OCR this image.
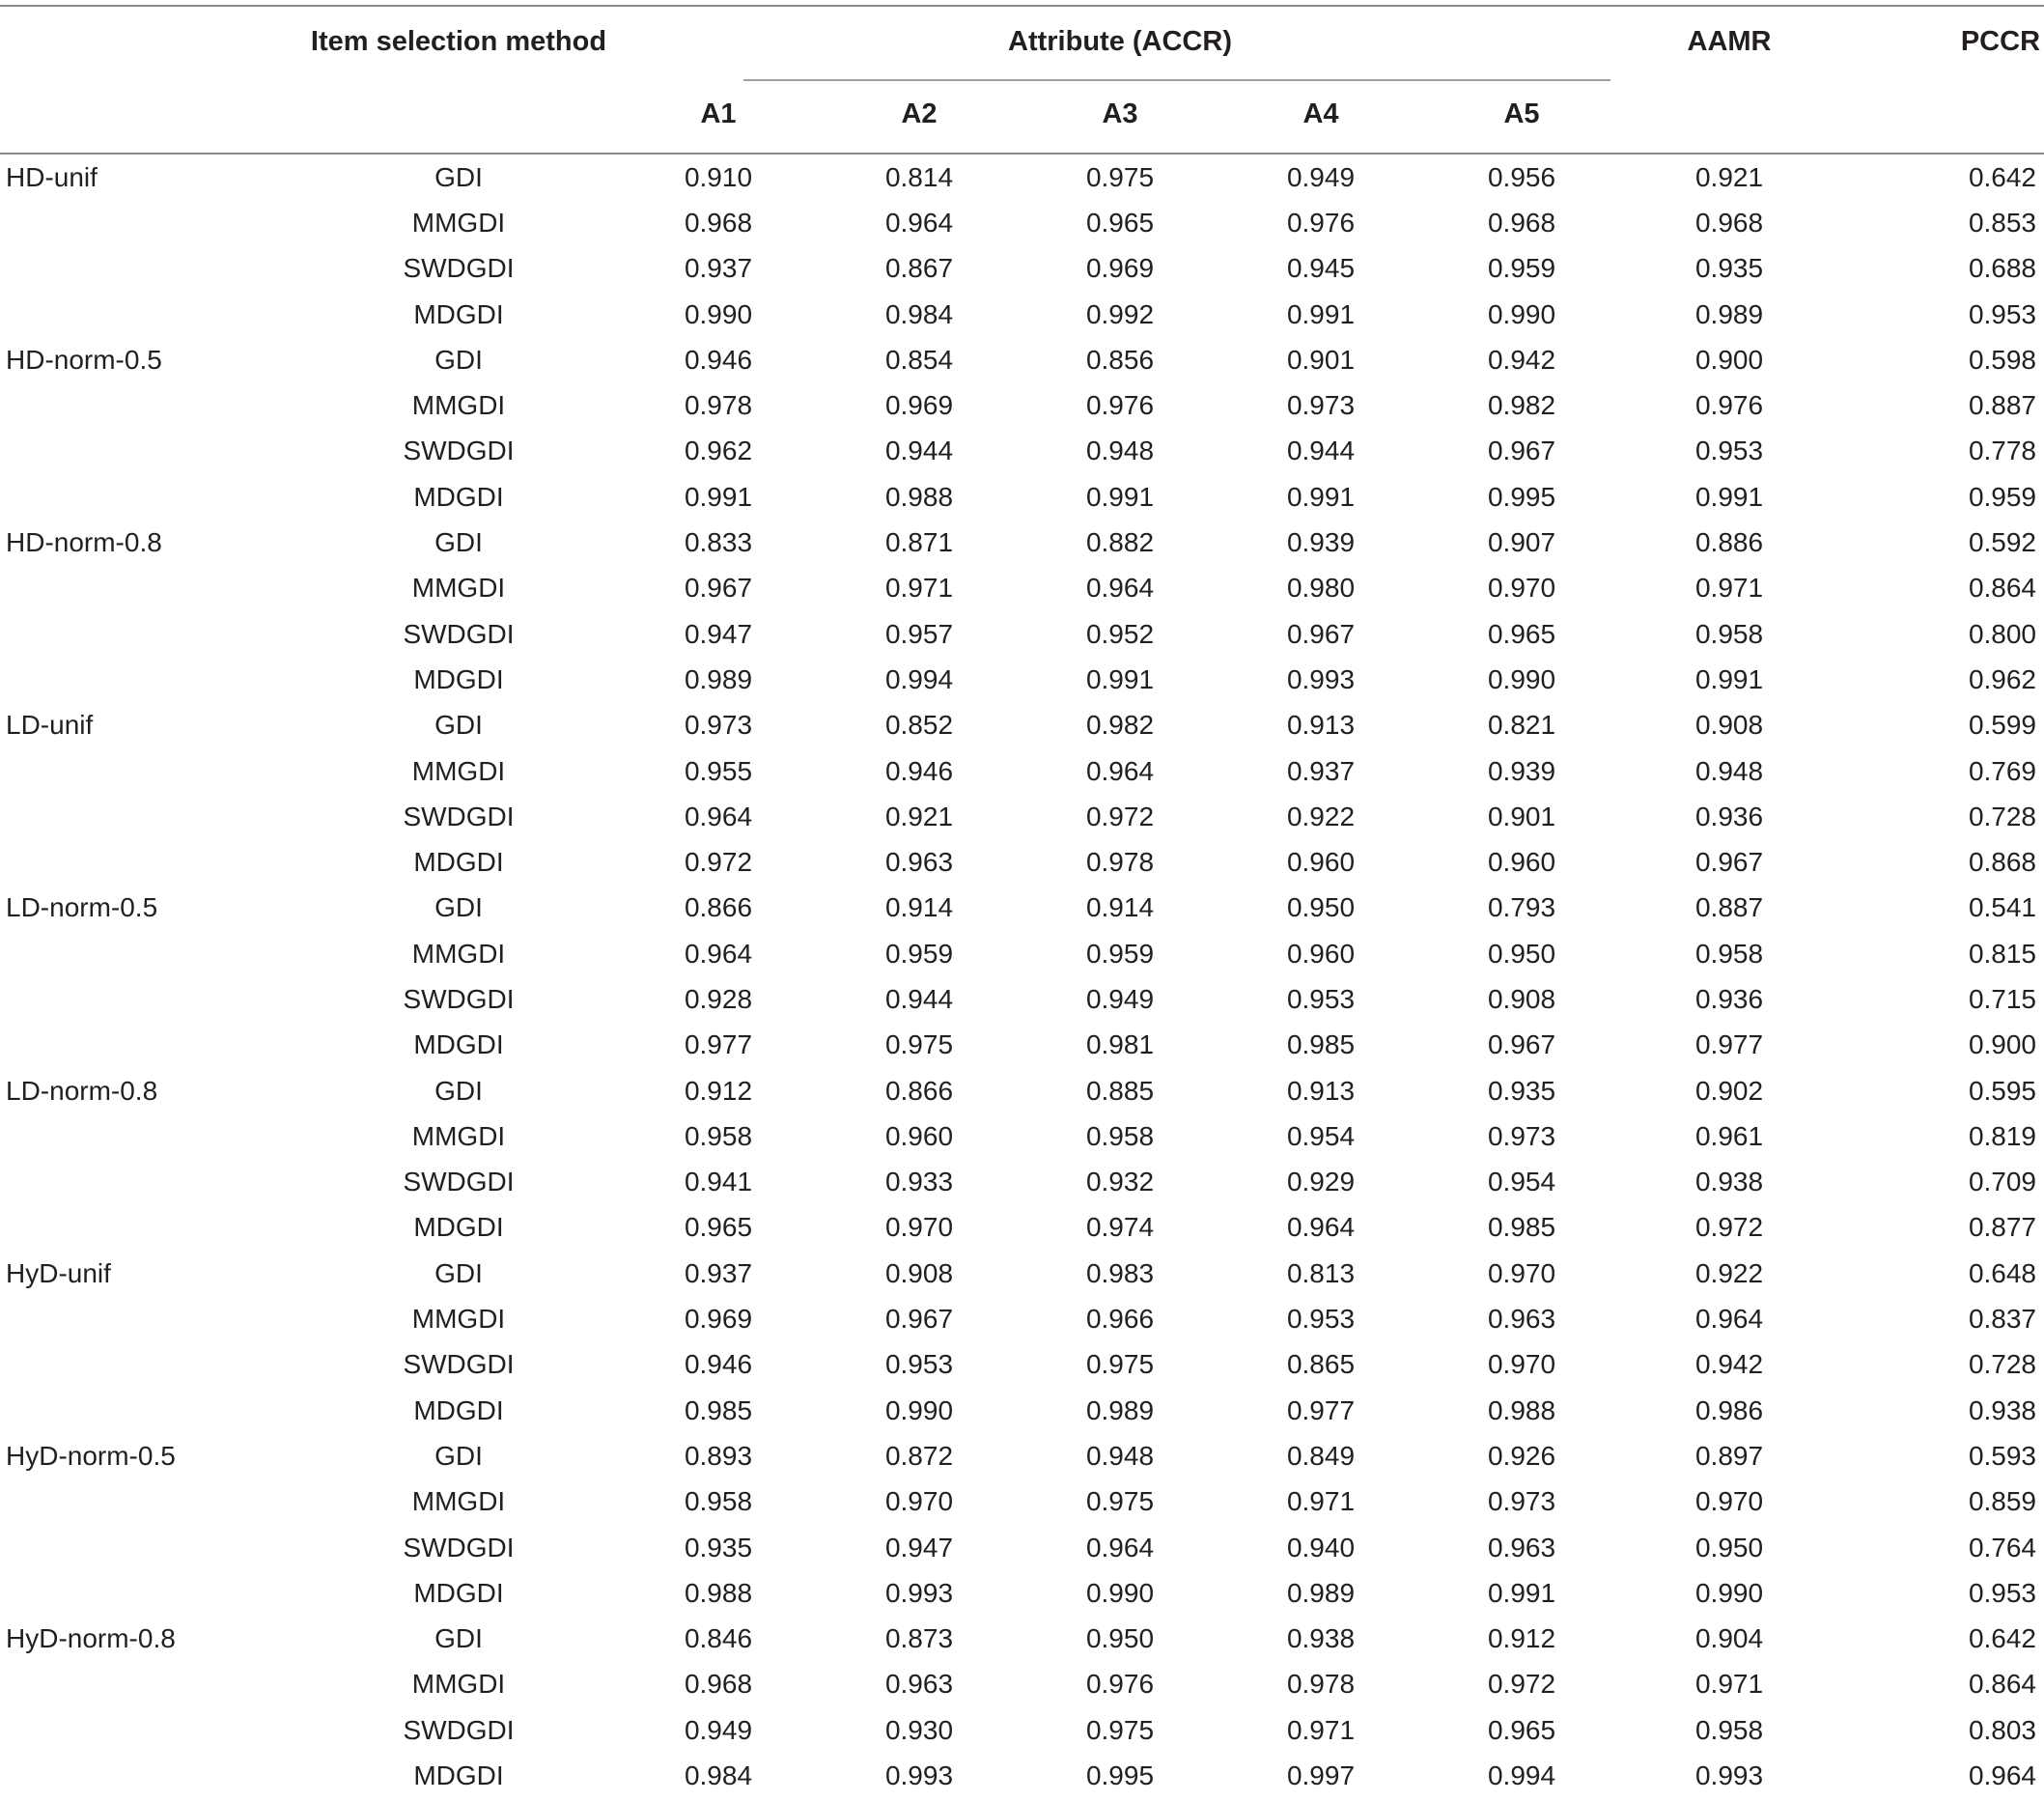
	Item selection method	Attribute (ACCR)					AAMR	PCCR
		A1	A2	A3	A4	A5		
HD-unif	GDI	0.910	0.814	0.975	0.949	0.956	0.921	0.642
	MMGDI	0.968	0.964	0.965	0.976	0.968	0.968	0.853
	SWDGDI	0.937	0.867	0.969	0.945	0.959	0.935	0.688
	MDGDI	0.990	0.984	0.992	0.991	0.990	0.989	0.953
HD-norm-0.5	GDI	0.946	0.854	0.856	0.901	0.942	0.900	0.598
	MMGDI	0.978	0.969	0.976	0.973	0.982	0.976	0.887
	SWDGDI	0.962	0.944	0.948	0.944	0.967	0.953	0.778
	MDGDI	0.991	0.988	0.991	0.991	0.995	0.991	0.959
HD-norm-0.8	GDI	0.833	0.871	0.882	0.939	0.907	0.886	0.592
	MMGDI	0.967	0.971	0.964	0.980	0.970	0.971	0.864
	SWDGDI	0.947	0.957	0.952	0.967	0.965	0.958	0.800
	MDGDI	0.989	0.994	0.991	0.993	0.990	0.991	0.962
LD-unif	GDI	0.973	0.852	0.982	0.913	0.821	0.908	0.599
	MMGDI	0.955	0.946	0.964	0.937	0.939	0.948	0.769
	SWDGDI	0.964	0.921	0.972	0.922	0.901	0.936	0.728
	MDGDI	0.972	0.963	0.978	0.960	0.960	0.967	0.868
LD-norm-0.5	GDI	0.866	0.914	0.914	0.950	0.793	0.887	0.541
	MMGDI	0.964	0.959	0.959	0.960	0.950	0.958	0.815
	SWDGDI	0.928	0.944	0.949	0.953	0.908	0.936	0.715
	MDGDI	0.977	0.975	0.981	0.985	0.967	0.977	0.900
LD-norm-0.8	GDI	0.912	0.866	0.885	0.913	0.935	0.902	0.595
	MMGDI	0.958	0.960	0.958	0.954	0.973	0.961	0.819
	SWDGDI	0.941	0.933	0.932	0.929	0.954	0.938	0.709
	MDGDI	0.965	0.970	0.974	0.964	0.985	0.972	0.877
HyD-unif	GDI	0.937	0.908	0.983	0.813	0.970	0.922	0.648
	MMGDI	0.969	0.967	0.966	0.953	0.963	0.964	0.837
	SWDGDI	0.946	0.953	0.975	0.865	0.970	0.942	0.728
	MDGDI	0.985	0.990	0.989	0.977	0.988	0.986	0.938
HyD-norm-0.5	GDI	0.893	0.872	0.948	0.849	0.926	0.897	0.593
	MMGDI	0.958	0.970	0.975	0.971	0.973	0.970	0.859
	SWDGDI	0.935	0.947	0.964	0.940	0.963	0.950	0.764
	MDGDI	0.988	0.993	0.990	0.989	0.991	0.990	0.953
HyD-norm-0.8	GDI	0.846	0.873	0.950	0.938	0.912	0.904	0.642
	MMGDI	0.968	0.963	0.976	0.978	0.972	0.971	0.864
	SWDGDI	0.949	0.930	0.975	0.971	0.965	0.958	0.803
	MDGDI	0.984	0.993	0.995	0.997	0.994	0.993	0.964
